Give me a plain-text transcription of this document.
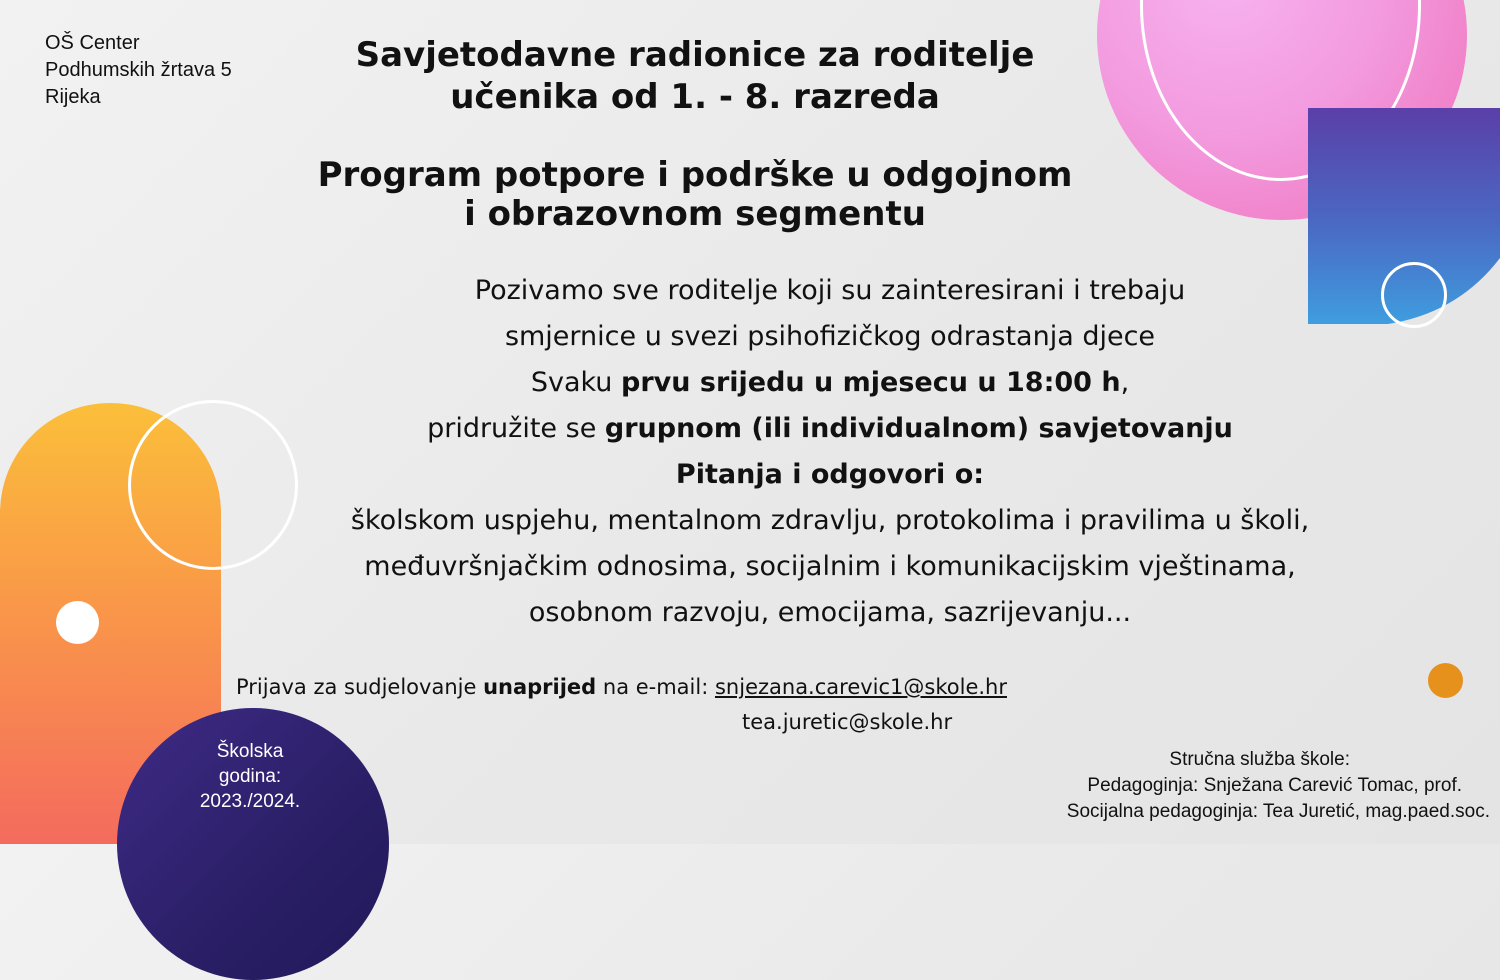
OŠ Center
Podhumskih žrtava 5
Rijeka
Savjetodavne radionice za roditelje
učenika od 1. - 8. razreda
Program potpore i podrške u odgojnom
i obrazovnom segmentu
Pozivamo sve roditelje koji su zainteresirani i trebaju
smjernice u svezi psihofizičkog odrastanja djece
Svaku prvu srijedu u mjesecu u 18:00 h,
pridružite se grupnom (ili individualnom) savjetovanju
Pitanja i odgovori o:
školskom uspjehu, mentalnom zdravlju, protokolima i pravilima u školi,
međuvršnjačkim odnosima, socijalnim i komunikacijskim vještinama,
osobnom razvoju, emocijama, sazrijevanju...
Prijava za sudjelovanje unaprijed na e-mail: snjezana.carevic1@skole.hr
tea.juretic@skole.hr
Školska
godina:
2023./2024.
Stručna služba škole:
Pedagoginja: Snježana Carević Tomac, prof.
Socijalna pedagoginja: Tea Juretić, mag.paed.soc.
